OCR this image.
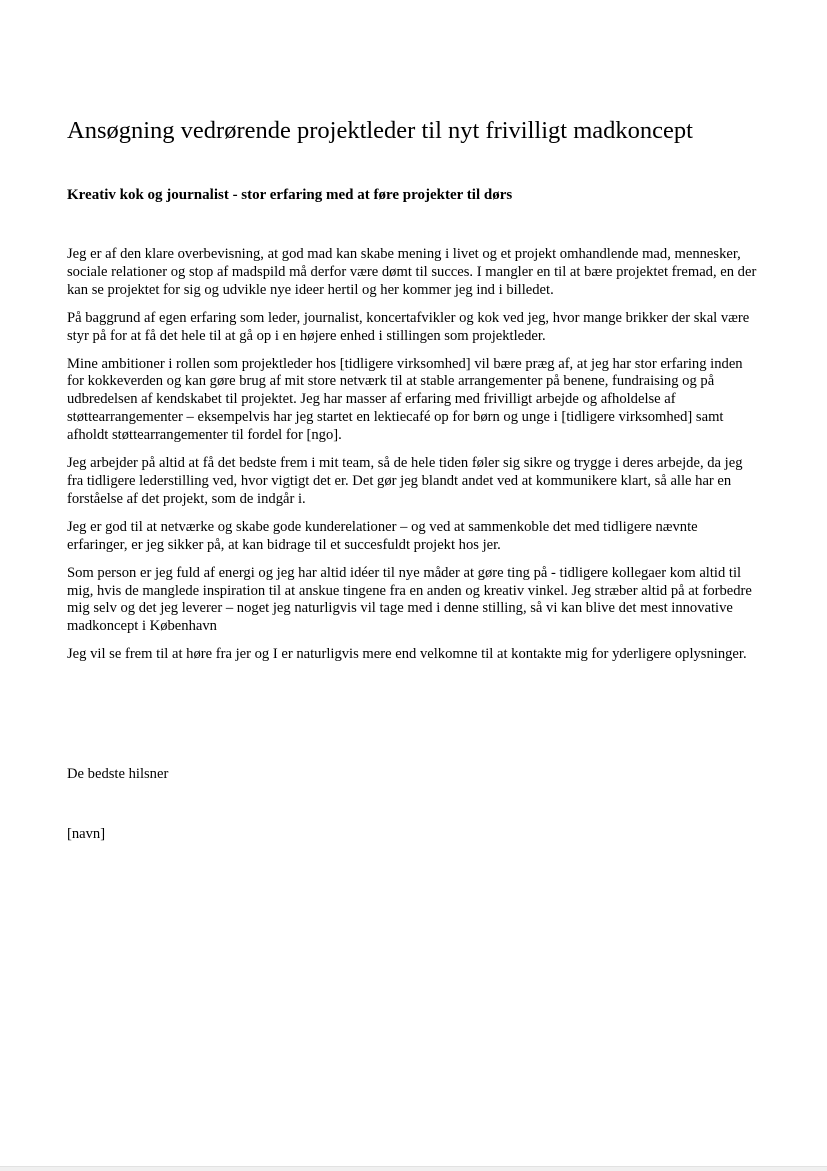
Ansøgning vedrørende projektleder til nyt frivilligt madkoncept
Kreativ kok og journalist - stor erfaring med at føre projekter til dørs

Jeg er af den klare overbevisning, at god mad kan skabe mening i livet og et projekt omhandlende mad, mennesker, sociale relationer og stop af madspild må derfor være dømt til succes. I mangler en til at bære projektet fremad, en der kan se projektet for sig og udvikle nye ideer hertil og her kommer jeg ind i billedet.

På baggrund af egen erfaring som leder, journalist, koncertafvikler og kok ved jeg, hvor mange brikker der skal være styr på for at få det hele til at gå op i en højere enhed i stillingen som projektleder.

Mine ambitioner i rollen som projektleder hos [tidligere virksomhed] vil bære præg af, at jeg har stor erfaring inden for kokkeverden og kan gøre brug af mit store netværk til at stable arrangementer på benene, fundraising og på udbredelsen af kendskabet til projektet. Jeg har masser af erfaring med frivilligt arbejde og afholdelse af støttearrangementer – eksempelvis har jeg startet en lektiecafé op for børn og unge i [tidligere virksomhed] samt afholdt støttearrangementer til fordel for [ngo].

Jeg arbejder på altid at få det bedste frem i mit team, så de hele tiden føler sig sikre og trygge i deres arbejde, da jeg fra tidligere lederstilling ved, hvor vigtigt det er. Det gør jeg blandt andet ved at kommunikere klart, så alle har en forståelse af det projekt, som de indgår i.

Jeg er god til at netværke og skabe gode kunderelationer – og ved at sammenkoble det med tidligere nævnte erfaringer, er jeg sikker på, at kan bidrage til et succesfuldt projekt hos jer.

Som person er jeg fuld af energi og jeg har altid idéer til nye måder at gøre ting på - tidligere kollegaer kom altid til mig, hvis de manglede inspiration til at anskue tingene fra en anden og kreativ vinkel. Jeg stræber altid på at forbedre mig selv og det jeg leverer – noget jeg naturligvis vil tage med i denne stilling, så vi kan blive det mest innovative madkoncept i København

Jeg vil se frem til at høre fra jer og I er naturligvis mere end velkomne til at kontakte mig for yderligere oplysninger.

De bedste hilsner

[navn]
